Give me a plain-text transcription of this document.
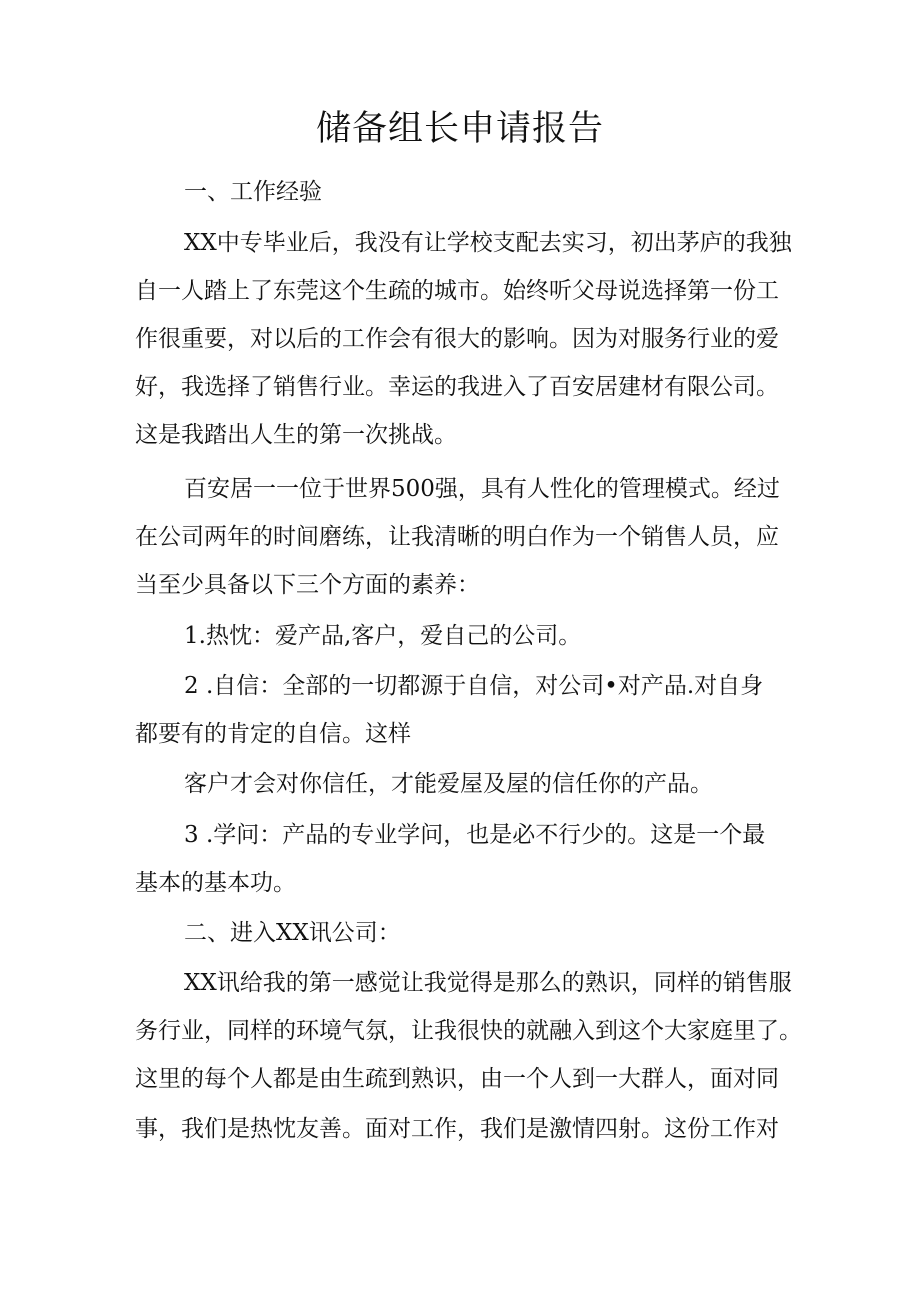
储备组长申请报告
一、工作经验
XX中专毕业后，我没有让学校支配去实习，初出茅庐的我独
自一人踏上了东莞这个生疏的城市。始终听父母说选择第一份工
作很重要，对以后的工作会有很大的影响。因为对服务行业的爱
好，我选择了销售行业。幸运的我进入了百安居建材有限公司。
这是我踏出人生的第一次挑战。
百安居一一位于世界500强，具有人性化的管理模式。经过
在公司两年的时间磨练，让我清晰的明白作为一个销售人员，应
当至少具备以下三个方面的素养：
1.热忱：爱产品,客户，爱自己的公司。
2 .自信：全部的一切都源于自信，对公司•对产品.对自身
都要有的肯定的自信。这样
客户才会对你信任，才能爱屋及屋的信任你的产品。
3 .学问：产品的专业学问，也是必不行少的。这是一个最
基本的基本功。
二、进入XX讯公司：
XX讯给我的第一感觉让我觉得是那么的熟识，同样的销售服
务行业，同样的环境气氛，让我很快的就融入到这个大家庭里了。
这里的每个人都是由生疏到熟识，由一个人到一大群人，面对同
事，我们是热忱友善。面对工作，我们是激情四射。这份工作对
